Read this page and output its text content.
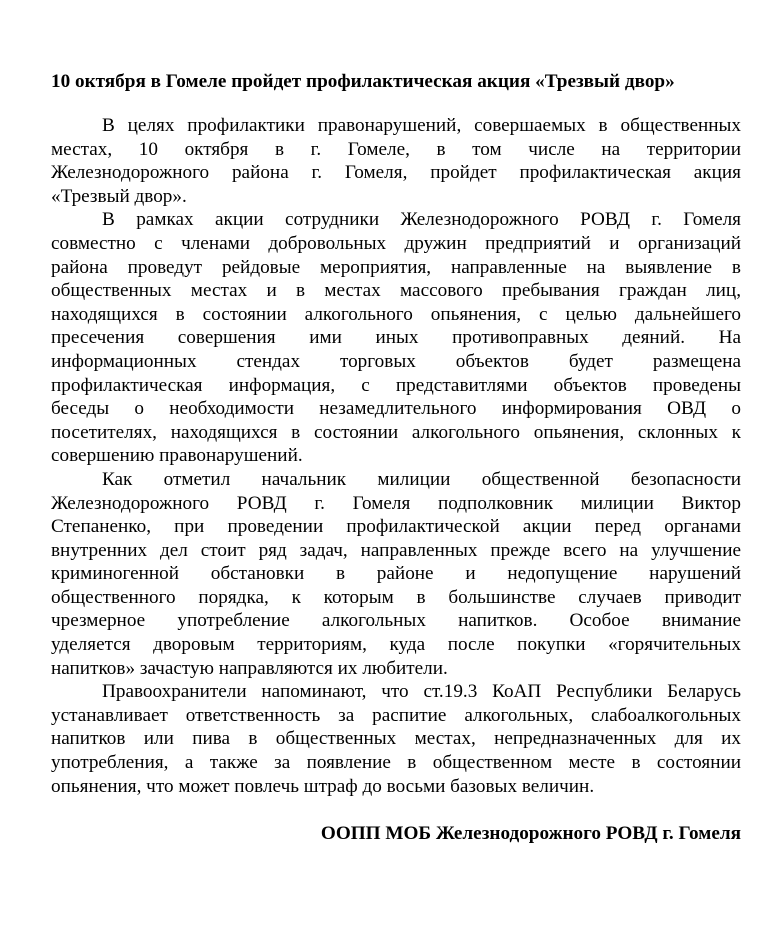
10 октября в Гомеле пройдет профилактическая акция «Трезвый двор»
В целях профилактики правонарушений, совершаемых в общественных
местах, 10 октября в г. Гомеле, в том числе на территории
Железнодорожного района г. Гомеля, пройдет профилактическая акция
«Трезвый двор».
В рамках акции сотрудники Железнодорожного РОВД г. Гомеля
совместно с членами добровольных дружин предприятий и организаций
района проведут рейдовые мероприятия, направленные на выявление в
общественных местах и в местах массового пребывания граждан лиц,
находящихся в состоянии алкогольного опьянения, с целью дальнейшего
пресечения совершения ими иных противоправных деяний. На
информационных стендах торговых объектов будет размещена
профилактическая информация, с представитлями объектов проведены
беседы о необходимости незамедлительного информирования ОВД о
посетителях, находящихся в состоянии алкогольного опьянения, склонных к
совершению правонарушений.
Как отметил начальник милиции общественной безопасности
Железнодорожного РОВД г. Гомеля подполковник милиции Виктор
Степаненко, при проведении профилактической акции перед органами
внутренних дел стоит ряд задач, направленных прежде всего на улучшение
криминогенной обстановки в районе и недопущение нарушений
общественного порядка, к которым в большинстве случаев приводит
чрезмерное употребление алкогольных напитков. Особое внимание
уделяется дворовым территориям, куда после покупки «горячительных
напитков» зачастую направляются их любители.
Правоохранители напоминают, что ст.19.3 КоАП Республики Беларусь
устанавливает ответственность за распитие алкогольных, слабоалкогольных
напитков или пива в общественных местах, непредназначенных для их
употребления, а также за появление в общественном месте в состоянии
опьянения, что может повлечь штраф до восьми базовых величин.
ООПП МОБ Железнодорожного РОВД г. Гомеля
